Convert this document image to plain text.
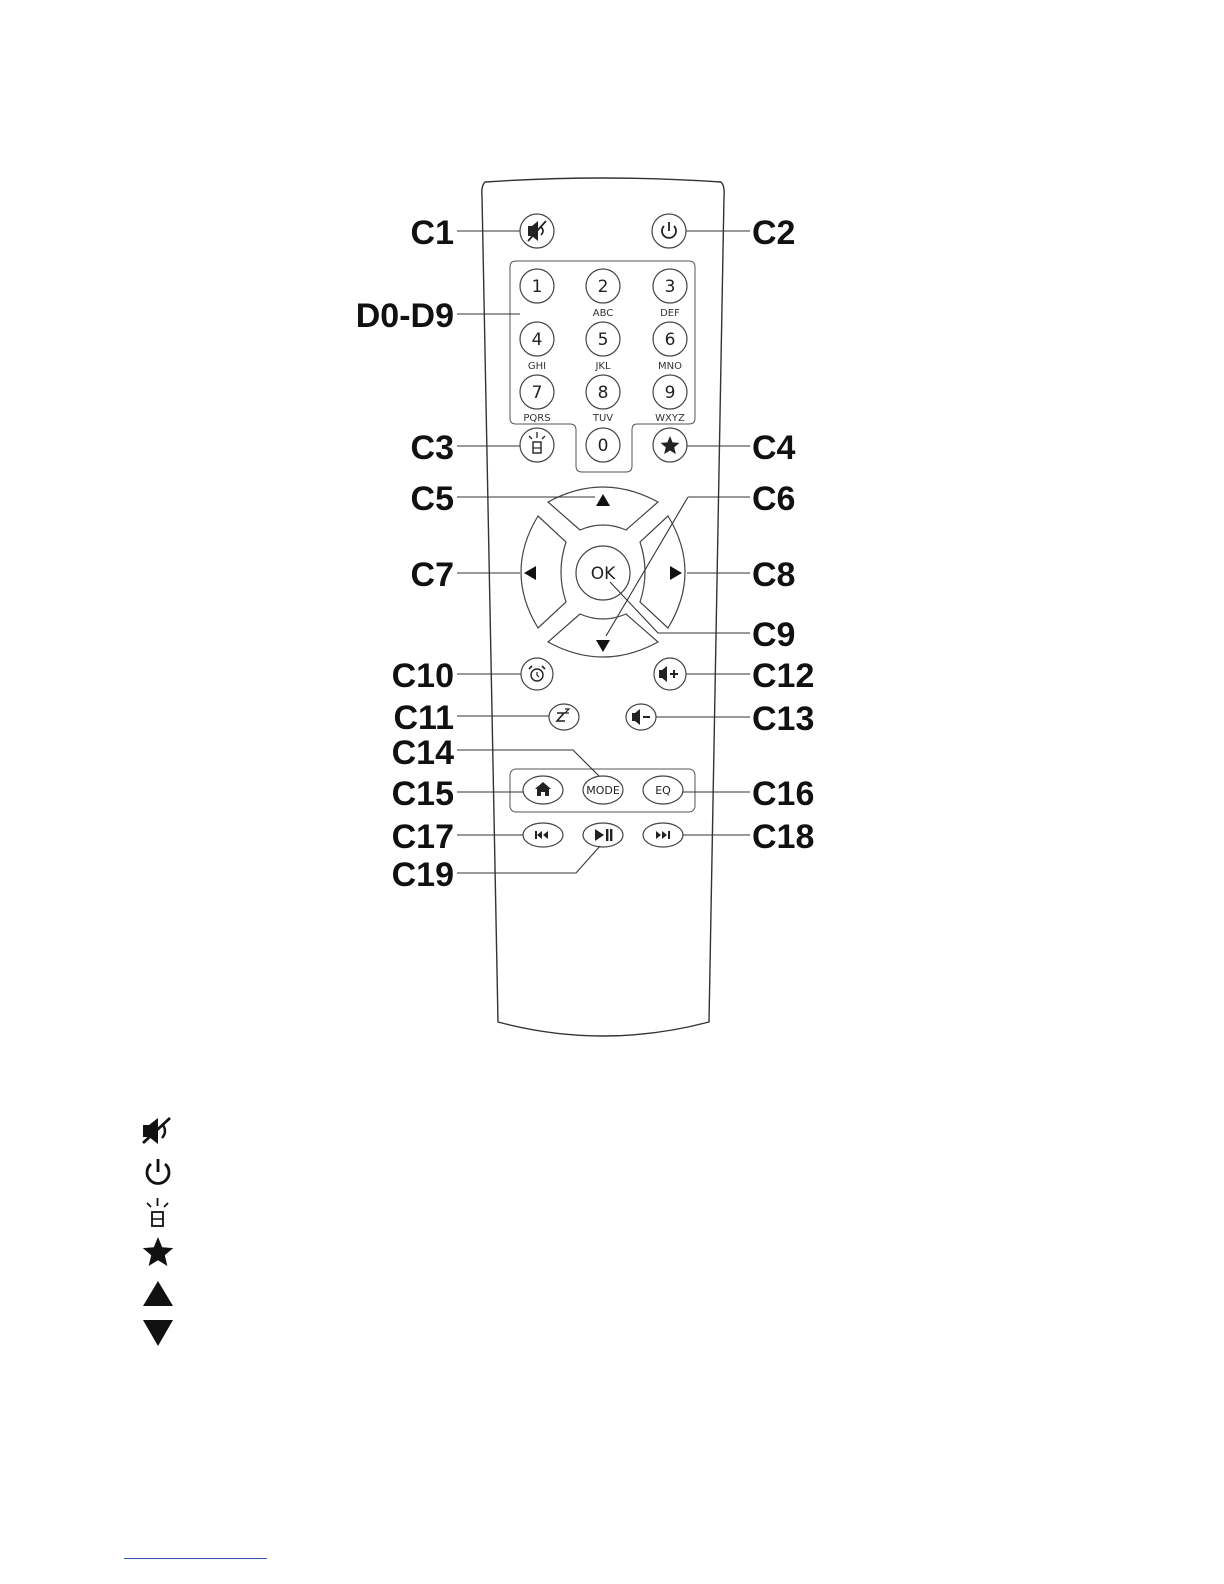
1	2
ABC
3
DEF
4
GHI
5
JKL
6
MNO
7
PQRS
8
TUV
9
WXYZ
0
OK
MODE	EQ
C1	C2
D0-D9
C3	C4
C5	C6
C7	C8
C9
C10	C12
C11	C13
C14
C15	C16
C17	C18
C19
